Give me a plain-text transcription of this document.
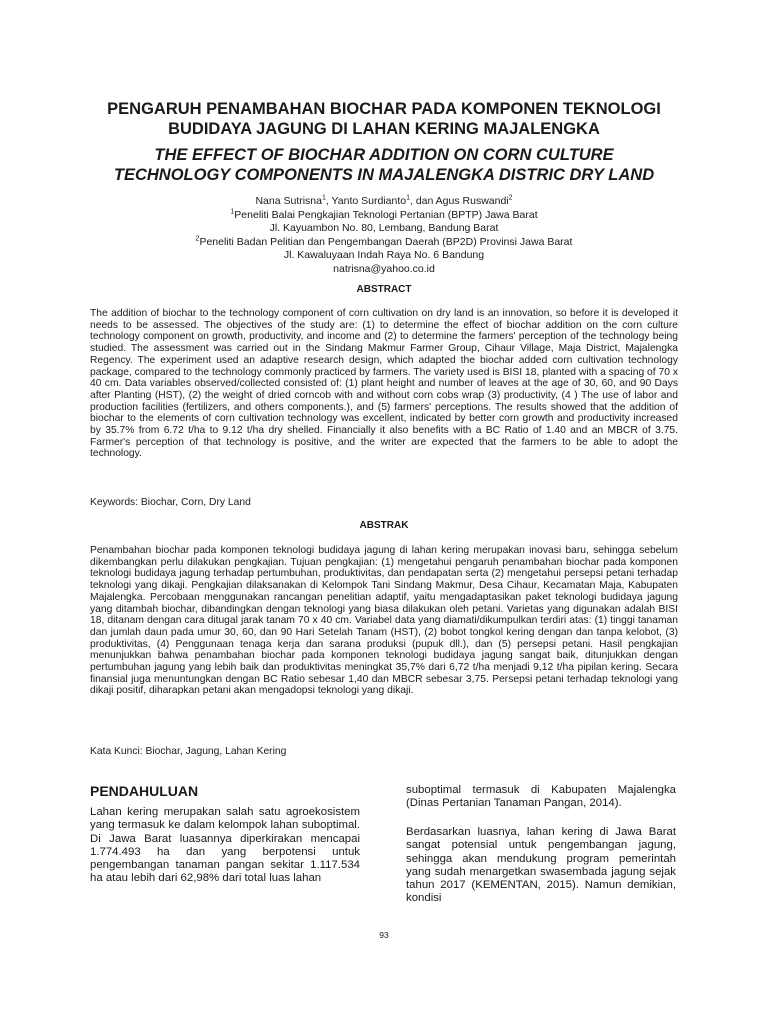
PENGARUH PENAMBAHAN BIOCHAR PADA KOMPONEN TEKNOLOGI
BUDIDAYA JAGUNG DI LAHAN KERING MAJALENGKA
THE EFFECT OF BIOCHAR ADDITION ON CORN CULTURE
TECHNOLOGY COMPONENTS IN MAJALENGKA DISTRIC DRY LAND
Nana Sutrisna$^1$, Yanto Surdianto$^1$, dan Agus Ruswandi$^2$
$^1$Peneliti Balai Pengkajian Teknologi Pertanian (BPTP) Jawa Barat
Jl. Kayuambon No. 80, Lembang, Bandung Barat
$^2$Peneliti Badan Pelitian dan Pengembangan Daerah (BP2D) Provinsi Jawa Barat
Jl. Kawaluyaan Indah Raya No. 6 Bandung
natrisna@yahoo.co.id
ABSTRACT

The addition of biochar to the technology component of corn cultivation on dry land is an innovation, so before it is developed it needs to be assessed. The objectives of the study are: (1) to determine the effect of biochar addition on the corn culture technology component on growth, productivity, and income and (2) to determine the farmers' perception of the technology being studied. The assessment was carried out in the Sindang Makmur Farmer Group, Cihaur Village, Maja District, Majalengka Regency. The experiment used an adaptive research design, which adapted the biochar added corn cultivation technology package, compared to the technology commonly practiced by farmers. The variety used is BISI 18, planted with a spacing of 70 x 40 cm. Data variables observed/collected consisted of: (1) plant height and number of leaves at the age of 30, 60, and 90 Days after Planting (HST), (2) the weight of dried corncob with and without corn cobs wrap (3) productivity, (4 ) The use of labor and production facilities (fertilizers, and others components.), and (5) farmers' perceptions. The results showed that the addition of biochar to the elements of corn cultivation technology was excellent, indicated by better corn growth and productivity increased by 35.7% from 6.72 t/ha to 9.12 t/ha dry shelled. Financially it also benefits with a BC Ratio of 1.40 and an MBCR of 3.75. Farmer's perception of that technology is positive, and the writer are expected that the farmers to be able to adopt the technology.

Keywords: Biochar, Corn, Dry Land

ABSTRAK

Penambahan biochar pada komponen teknologi budidaya jagung di lahan kering merupakan inovasi baru, sehingga sebelum dikembangkan perlu dilakukan pengkajian. Tujuan pengkajian: (1) mengetahui pengaruh penambahan biochar pada komponen teknologi budidaya jagung terhadap pertumbuhan, produktivitas, dan pendapatan serta (2) mengetahui persepsi petani terhadap teknologi yang dikaji. Pengkajian dilaksanakan di Kelompok Tani Sindang Makmur, Desa Cihaur, Kecamatan Maja, Kabupaten Majalengka. Percobaan menggunakan rancangan penelitian adaptif, yaitu mengadaptasikan paket teknologi budidaya jagung yang ditambah biochar, dibandingkan dengan teknologi yang biasa dilakukan oleh petani. Varietas yang digunakan adalah BISI 18, ditanam dengan cara ditugal jarak tanam 70 x 40 cm. Variabel data yang diamati/dikumpulkan terdiri atas: (1) tinggi tanaman dan jumlah daun pada umur 30, 60, dan 90 Hari Setelah Tanam (HST), (2) bobot tongkol kering dengan dan tanpa kelobot, (3) produktivitas, (4) Penggunaan tenaga kerja dan sarana produksi (pupuk dll.), dan (5) persepsi petani. Hasil pengkajian menunjukkan bahwa penambahan biochar pada komponen teknologi budidaya jagung sangat baik, ditunjukkan dengan pertumbuhan jagung yang lebih baik dan produktivitas meningkat 35,7% dari 6,72 t/ha menjadi 9,12 t/ha pipilan kering. Secara finansial juga menuntungkan dengan BC Ratio sebesar 1,40 dan MBCR sebesar 3,75. Persepsi petani terhadap teknologi yang dikaji positif, diharapkan petani akan mengadopsi teknologi yang dikaji.

Kata Kunci: Biochar, Jagung, Lahan Kering

PENDAHULUAN

Lahan kering merupakan salah satu agroekosistem yang termasuk ke dalam kelompok lahan suboptimal. Di Jawa Barat luasannya diperkirakan mencapai 1.774.493 ha dan yang berpotensi untuk pengembangan tanaman pangan sekitar 1.117.534 ha atau lebih dari 62,98% dari total luas lahan

suboptimal termasuk di Kabupaten Majalengka (Dinas Pertanian Tanaman Pangan, 2014).

Berdasarkan luasnya, lahan kering di Jawa Barat sangat potensial untuk pengembangan jagung, sehingga akan mendukung program pemerintah yang sudah menargetkan swasembada jagung sejak tahun 2017 (KEMENTAN, 2015). Namun demikian, kondisi

93
